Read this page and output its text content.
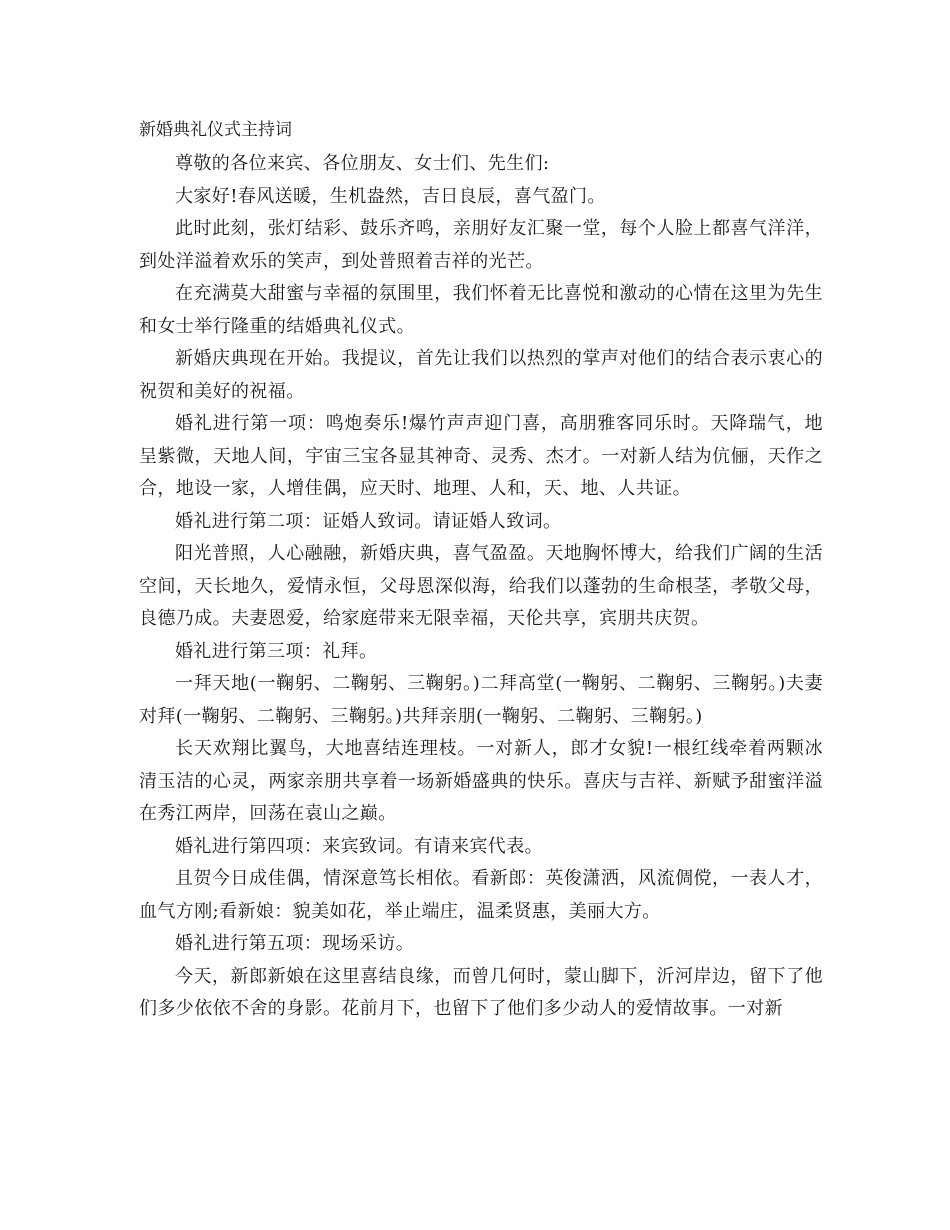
新婚典礼仪式主持词

尊敬的各位来宾、各位朋友、女士们、先生们:

大家好!春风送暖，生机盎然，吉日良辰，喜气盈门。

此时此刻，张灯结彩、鼓乐齐鸣，亲朋好友汇聚一堂，每个人脸上都喜气洋洋，到处洋溢着欢乐的笑声，到处普照着吉祥的光芒。

在充满莫大甜蜜与幸福的氛围里，我们怀着无比喜悦和激动的心情在这里为先生和女士举行隆重的结婚典礼仪式。

新婚庆典现在开始。我提议，首先让我们以热烈的掌声对他们的结合表示衷心的祝贺和美好的祝福。

婚礼进行第一项：鸣炮奏乐!爆竹声声迎门喜，高朋雅客同乐时。天降瑞气，地呈紫微，天地人间，宇宙三宝各显其神奇、灵秀、杰才。一对新人结为伉俪，天作之合，地设一家，人增佳偶，应天时、地理、人和，天、地、人共证。

婚礼进行第二项：证婚人致词。请证婚人致词。

阳光普照，人心融融，新婚庆典，喜气盈盈。天地胸怀博大，给我们广阔的生活空间，天长地久，爱情永恒，父母恩深似海，给我们以蓬勃的生命根茎，孝敬父母，良德乃成。夫妻恩爱，给家庭带来无限幸福，天伦共享，宾朋共庆贺。

婚礼进行第三项：礼拜。

一拜天地(一鞠躬、二鞠躬、三鞠躬。)二拜高堂(一鞠躬、二鞠躬、三鞠躬。)夫妻对拜(一鞠躬、二鞠躬、三鞠躬。)共拜亲朋(一鞠躬、二鞠躬、三鞠躬。)

长天欢翔比翼鸟，大地喜结连理枝。一对新人，郎才女貌!一根红线牵着两颗冰清玉洁的心灵，两家亲朋共享着一场新婚盛典的快乐。喜庆与吉祥、新赋予甜蜜洋溢在秀江两岸，回荡在袁山之巅。

婚礼进行第四项：来宾致词。有请来宾代表。

且贺今日成佳偶，情深意笃长相依。看新郎：英俊潇洒，风流倜傥，一表人才，血气方刚;看新娘：貌美如花，举止端庄，温柔贤惠，美丽大方。

婚礼进行第五项：现场采访。

今天，新郎新娘在这里喜结良缘，而曾几何时，蒙山脚下，沂河岸边，留下了他们多少依依不舍的身影。花前月下，也留下了他们多少动人的爱情故事。一对新
